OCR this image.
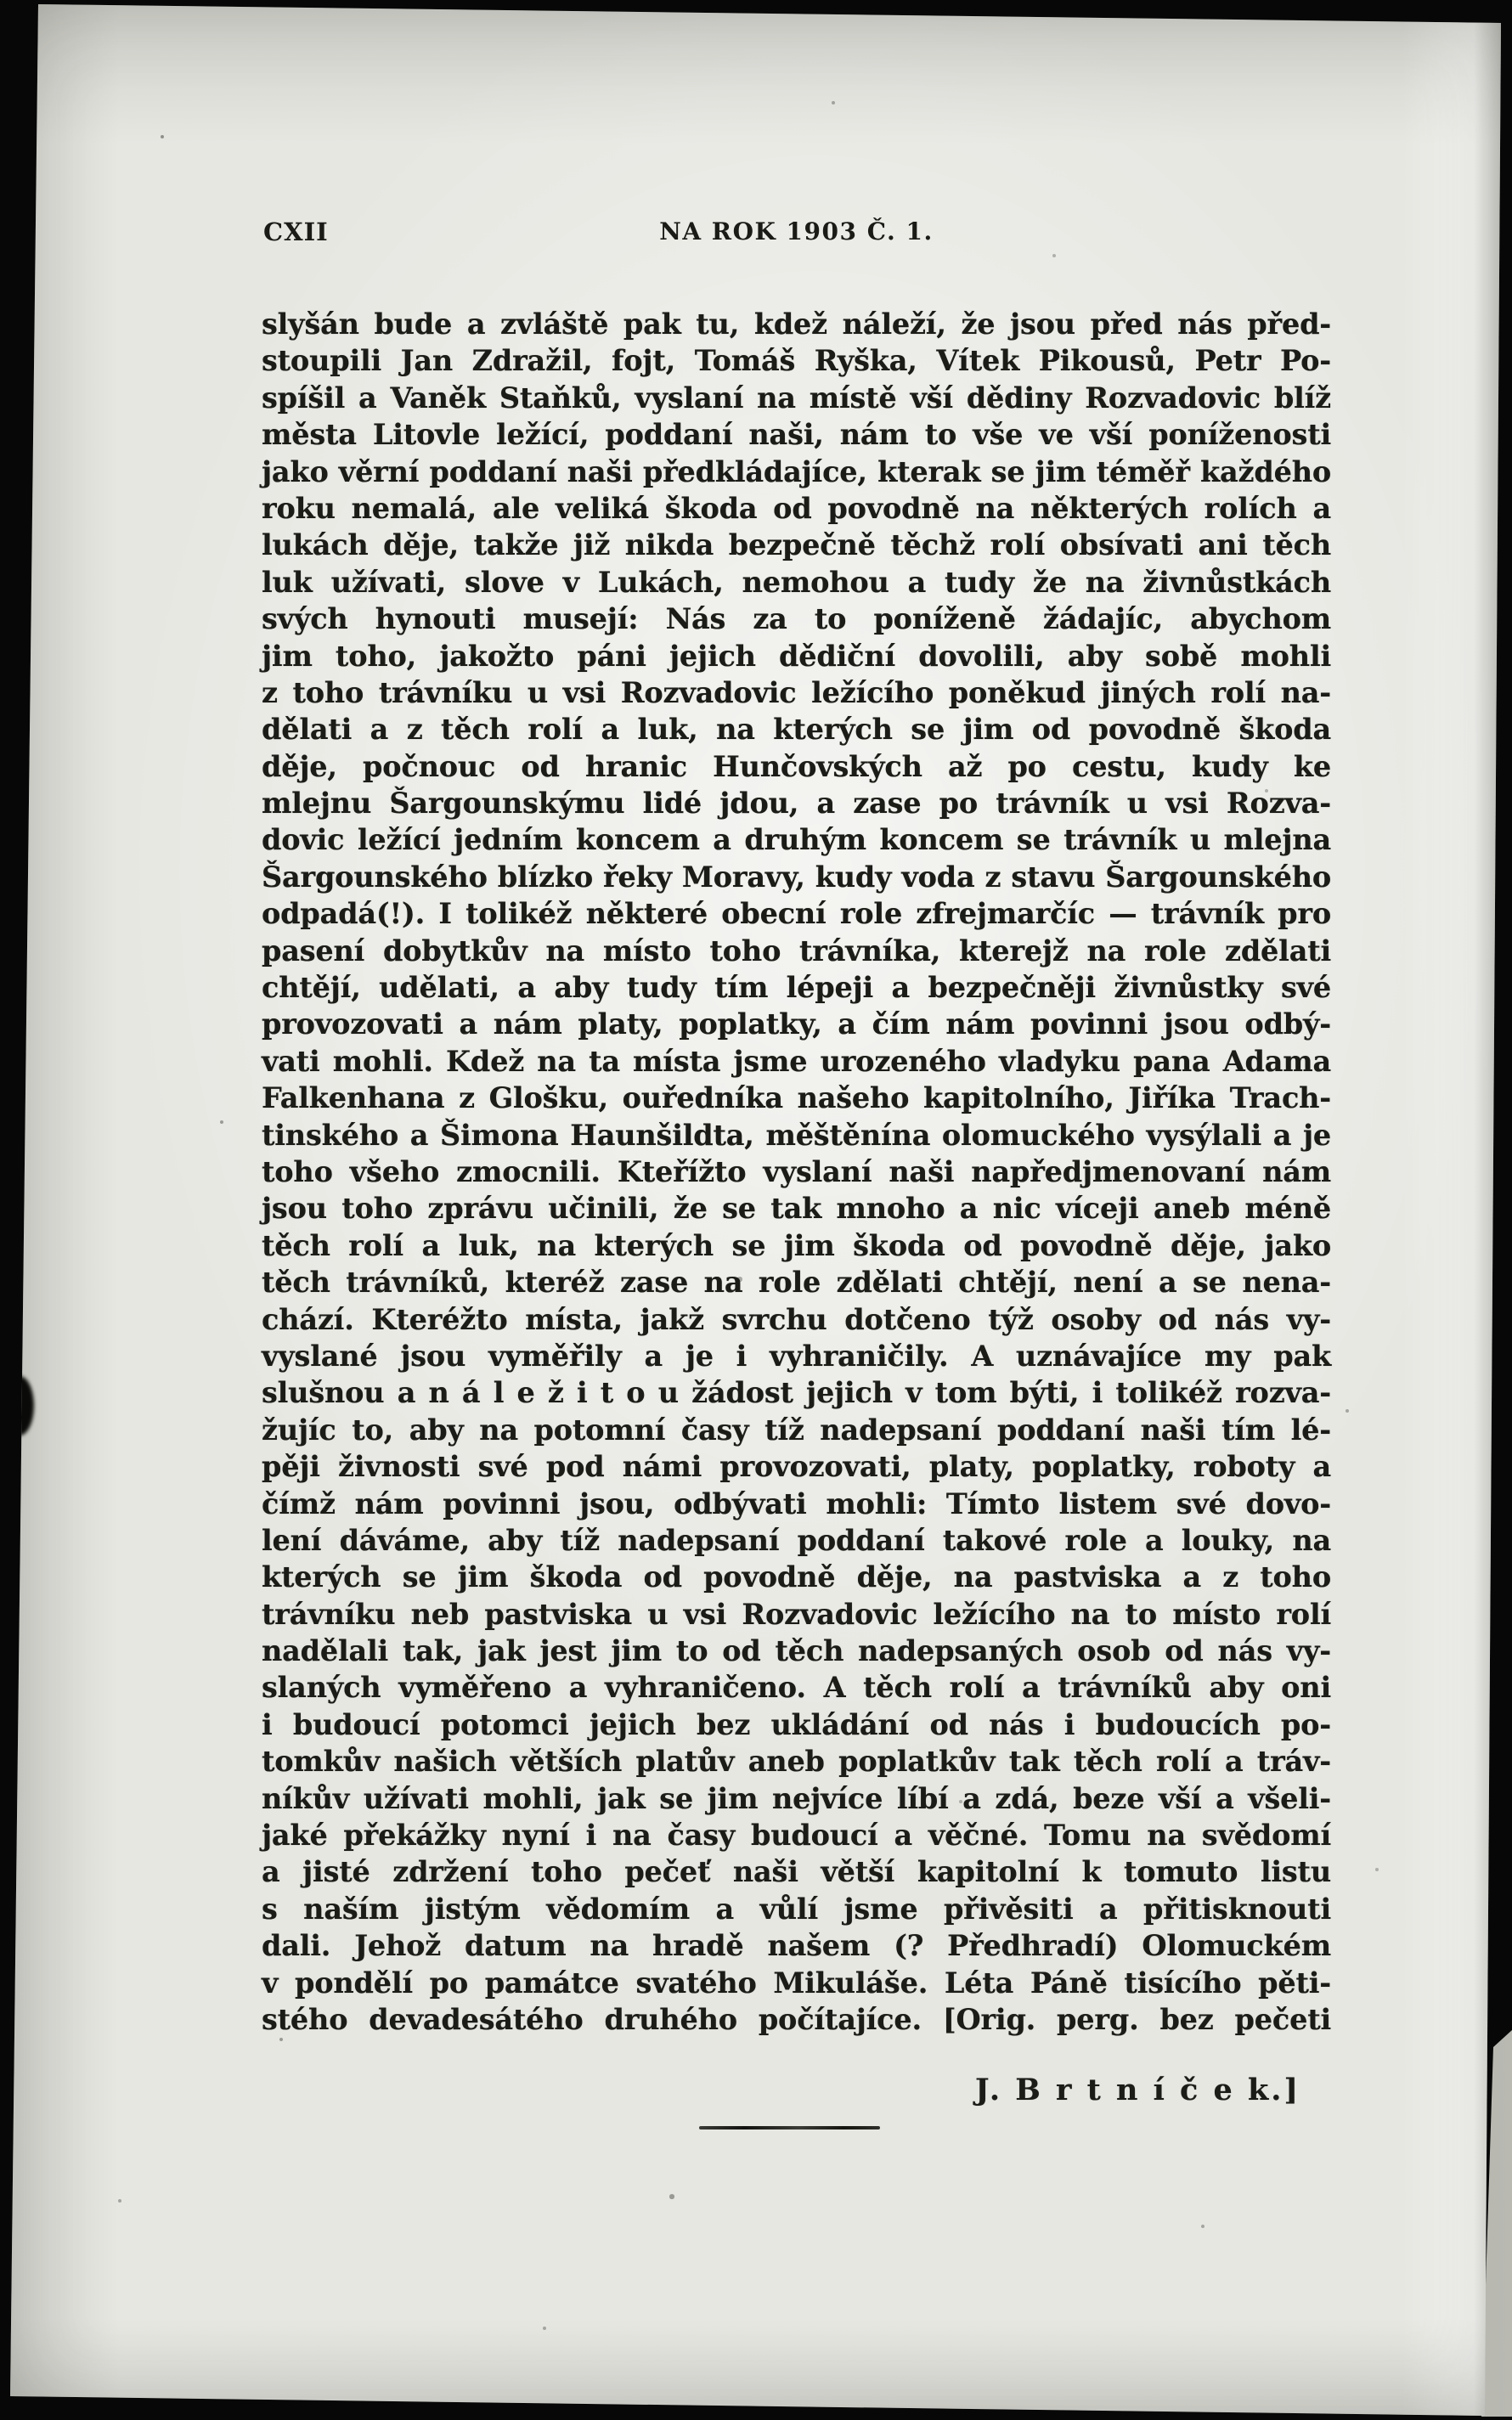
CXII	NA ROK 1903 Č. 1.
slyšán bude a zvláště pak tu, kdež náleží, že jsou před nás před-
stoupili Jan Zdražil, fojt, Tomáš Ryška, Vítek Pikousů, Petr Po-
spíšil a Vaněk Staňků, vyslaní na místě vší dědiny Rozvadovic blíž
města Litovle ležící, poddaní naši, nám to vše ve vší poníženosti
jako věrní poddaní naši předkládajíce, kterak se jim téměř každého
roku nemalá, ale veliká škoda od povodně na některých rolích a
lukách děje, takže již nikda bezpečně těchž rolí obsívati ani těch
luk užívati, slove v Lukách, nemohou a tudy že na živnůstkách
svých hynouti musejí: Nás za to poníženě žádajíc, abychom
jim toho, jakožto páni jejich dědiční dovolili, aby sobě mohli
z toho trávníku u vsi Rozvadovic ležícího poněkud jiných rolí na-
dělati a z těch rolí a luk, na kterých se jim od povodně škoda
děje, počnouc od hranic Hunčovských až po cestu, kudy ke
mlejnu Šargounskýmu lidé jdou, a zase po trávník u vsi Rozva-
dovic ležící jedním koncem a druhým koncem se trávník u mlejna
Šargounského blízko řeky Moravy, kudy voda z stavu Šargounského
odpadá(!). I tolikéž některé obecní role zfrejmarčíc — trávník pro
pasení dobytkův na místo toho trávníka, kterejž na role zdělati
chtějí, udělati, a aby tudy tím lépeji a bezpečněji živnůstky své
provozovati a nám platy, poplatky, a čím nám povinni jsou odbý-
vati mohli. Kdež na ta místa jsme urozeného vladyku pana Adama
Falkenhana z Glošku, ouředníka našeho kapitolního, Jiříka Trach-
tinského a Šimona Haunšildta, měštěnína olomuckého vysýlali a je
toho všeho zmocnili. Kteřížto vyslaní naši napředjmenovaní nám
jsou toho zprávu učinili, že se tak mnoho a nic víceji aneb méně
těch rolí a luk, na kterých se jim škoda od povodně děje, jako
těch trávníků, kteréž zase na role zdělati chtějí, není a se nena-
chází. Kteréžto místa, jakž svrchu dotčeno týž osoby od nás vy-
vyslané jsou vyměřily a je i vyhraničily. A uznávajíce my pak
slušnou a n á l e ž i t o u žádost jejich v tom býti, i tolikéž rozva-
žujíc to, aby na potomní časy tíž nadepsaní poddaní naši tím lé-
pěji živnosti své pod námi provozovati, platy, poplatky, roboty a
čímž nám povinni jsou, odbývati mohli: Tímto listem své dovo-
lení dáváme, aby tíž nadepsaní poddaní takové role a louky, na
kterých se jim škoda od povodně děje, na pastviska a z toho
trávníku neb pastviska u vsi Rozvadovic ležícího na to místo rolí
nadělali tak, jak jest jim to od těch nadepsaných osob od nás vy-
slaných vyměřeno a vyhraničeno. A těch rolí a trávníků aby oni
i budoucí potomci jejich bez ukládání od nás i budoucích po-
tomkův našich větších platův aneb poplatkův tak těch rolí a tráv-
níkův užívati mohli, jak se jim nejvíce líbí a zdá, beze vší a všeli-
jaké překážky nyní i na časy budoucí a věčné. Tomu na svědomí
a jisté zdržení toho pečeť naši větší kapitolní k tomuto listu
s naším jistým vědomím a vůlí jsme přivěsiti a přitisknouti
dali. Jehož datum na hradě našem (? Předhradí) Olomuckém
v pondělí po památce svatého Mikuláše. Léta Páně tisícího pěti-
stého devadesátého druhého počítajíce. [Orig. perg. bez pečeti
J. B r t n í č e k.]
